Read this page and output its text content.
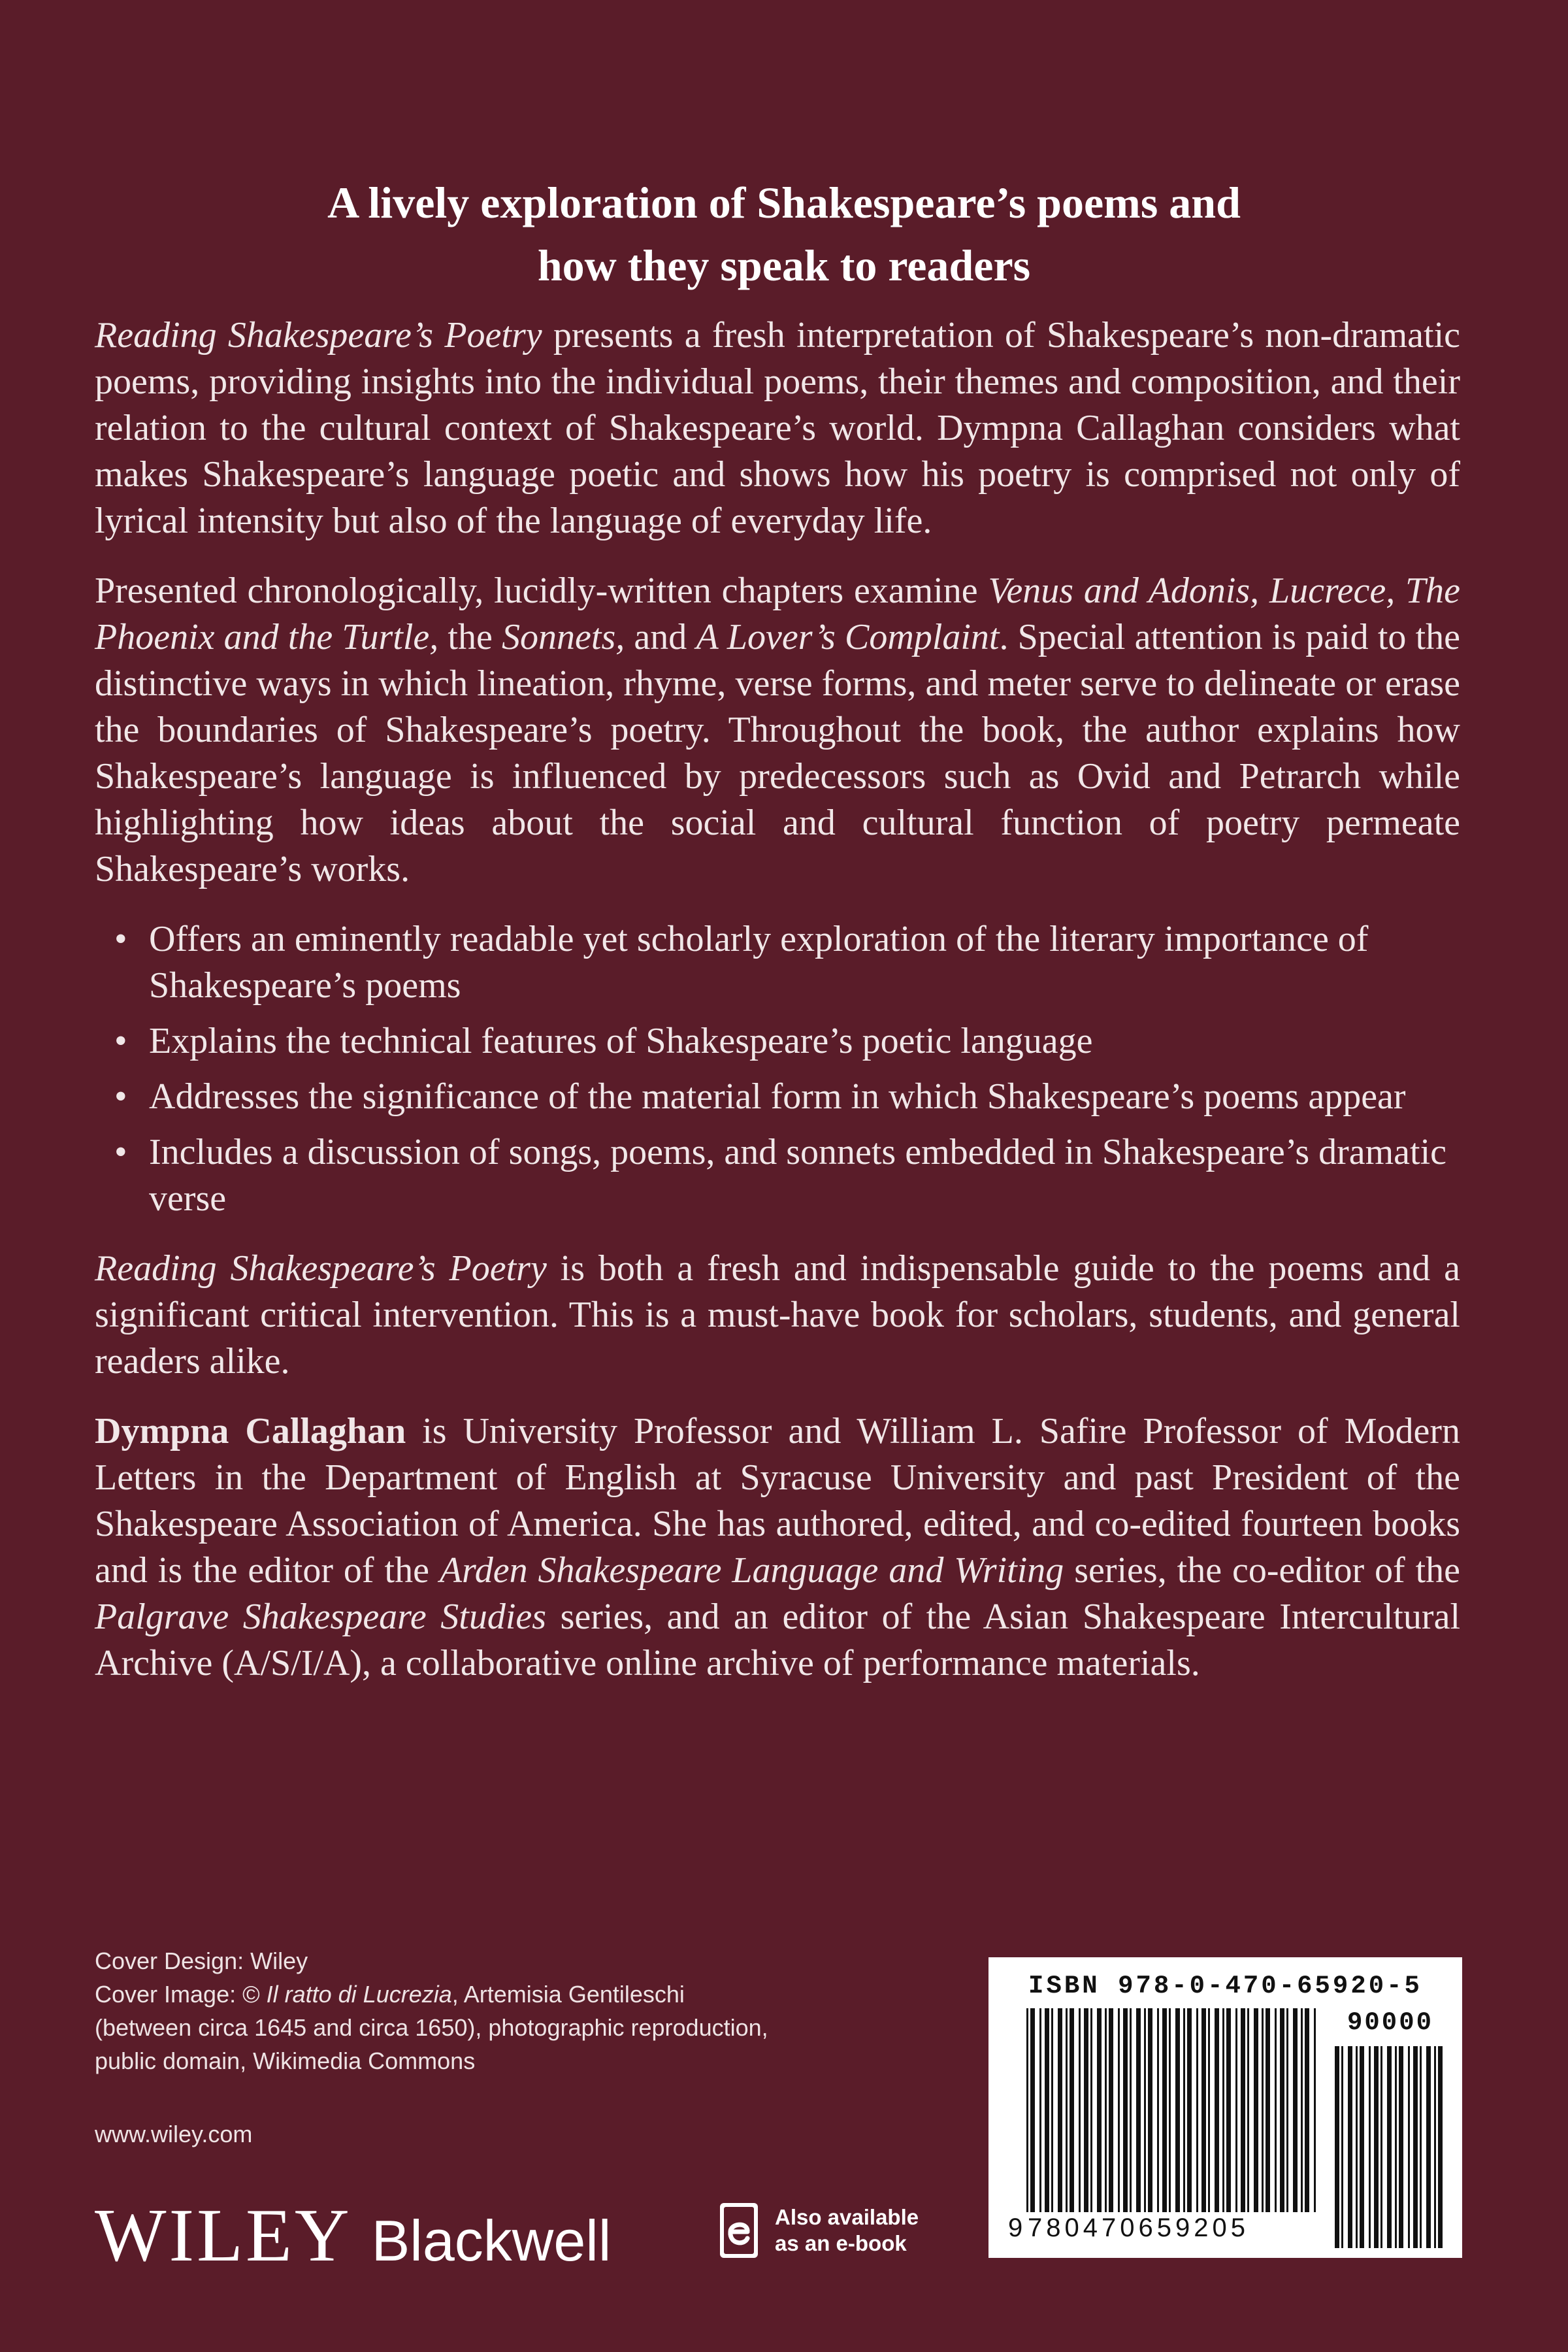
A lively exploration of Shakespeare’s poems and
how they speak to readers

Reading Shakespeare’s Poetry presents a fresh interpretation of Shakespeare’s non-dramatic poems, providing insights into the individual poems, their themes and composition, and their relation to the cultural context of Shakespeare’s world. Dympna Callaghan considers what makes Shakespeare’s language poetic and shows how his poetry is comprised not only of lyrical intensity but also of the language of everyday life.

Presented chronologically, lucidly-written chapters examine Venus and Adonis, Lucrece, The Phoenix and the Turtle, the Sonnets, and A Lover’s Complaint. Special attention is paid to the distinctive ways in which lineation, rhyme, verse forms, and meter serve to delineate or erase the boundaries of Shakespeare’s poetry. Throughout the book, the author explains how Shakespeare’s language is influenced by predecessors such as Ovid and Petrarch while highlighting how ideas about the social and cultural function of poetry permeate Shakespeare’s works.

• Offers an eminently readable yet scholarly exploration of the literary importance of Shakespeare’s poems
• Explains the technical features of Shakespeare’s poetic language
• Addresses the significance of the material form in which Shakespeare’s poems appear
• Includes a discussion of songs, poems, and sonnets embedded in Shakespeare’s dramatic verse

Reading Shakespeare’s Poetry is both a fresh and indispensable guide to the poems and a significant critical intervention. This is a must-have book for scholars, students, and general readers alike.

Dympna Callaghan is University Professor and William L. Safire Professor of Modern Letters in the Department of English at Syracuse University and past President of the Shakespeare Association of America. She has authored, edited, and co-edited fourteen books and is the editor of the Arden Shakespeare Language and Writing series, the co-editor of the Palgrave Shakespeare Studies series, and an editor of the Asian Shakespeare Intercultural Archive (A/S/I/A), a collaborative online archive of performance materials.

Cover Design: Wiley
Cover Image: © Il ratto di Lucrezia, Artemisia Gentileschi
(between circa 1645 and circa 1650), photographic reproduction,
public domain, Wikimedia Commons
www.wiley.com
WILEY Blackwell	Also available
as an e-book
ISBN 978-0-470-65920-5
90000
9 780470659205
